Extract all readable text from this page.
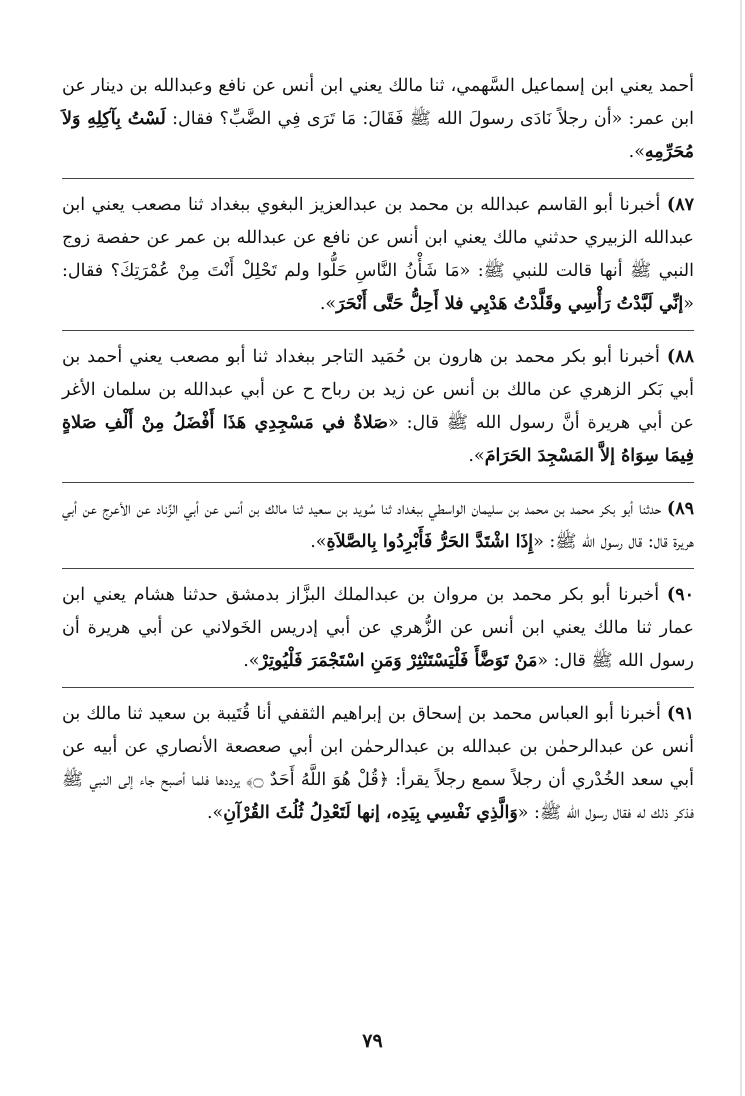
أحمد يعني ابن إسماعيل السَّهمي، ثنا مالك يعني ابن أنس عن نافع وعبدالله بن دينار عن ابن عمر: «أن رجلاً نَادَى رسولَ الله ﷺ فَقَالَ: مَا تَرَى فِي الضَّبِّ؟ فقال: لَسْتُ بِآكِلِهِ وَلاَ مُحَرِّمِهِ».

٨٧) أخبرنا أبو القاسم عبدالله بن محمد بن عبدالعزيز البغوي ببغداد ثنا مصعب يعني ابن عبدالله الزبيري حدثني مالك يعني ابن أنس عن نافع عن عبدالله بن عمر عن حفصة زوج النبي ﷺ أنها قالت للنبي ﷺ: «مَا شَأْنُ النَّاسِ حَلُّوا ولم تَحْلِلْ أَنْتَ مِنْ عُمْرَتِكَ؟ فقال: «إنِّي لَبَّدْتُ رَأْسِي وقَلَّدْتُ هَدْيِي فلا أَحِلُّ حَتَّى أَنْحَرَ».

٨٨) أخبرنا أبو بكر محمد بن هارون بن حُمَيد التاجر ببغداد ثنا أبو مصعب يعني أحمد بن أبي بَكر الزهري عن مالك بن أنس عن زيد بن رباح ح عن أبي عبدالله بن سلمان الأغر عن أبي هريرة أنَّ رسول الله ﷺ قال: «صَلاةٌ في مَسْجِدِي هَذَا أَفْضَلُ مِنْ أَلْفِ صَلاةٍ فِيمَا سِوَاهُ إلاَّ المَسْجِدَ الحَرَامَ».

٨٩) حدثنا أبو بكر محمد بن محمد بن سليمان الواسطي ببغداد ثنا سُويد بن سعيد ثنا مالك بن أنس عن أبي الزِّناد عن الأعرج عن أبي هريرة قال: قال رسول الله ﷺ: «إِذَا اشْتَدَّ الحَرُّ فَأَبْرِدُوا بِالصَّلاَةِ».

٩٠) أخبرنا أبو بكر محمد بن مروان بن عبدالملك البزَّاز بدمشق حدثنا هشام يعني ابن عمار ثنا مالك يعني ابن أنس عن الزُّهري عن أبي إدريس الخَولاني عن أبي هريرة أن رسول الله ﷺ قال: «مَنْ تَوَضَّأَ فَلْيَسْتَنْثِرْ وَمَنِ اسْتَجْمَرَ فَلْيُوتِرْ».

٩١) أخبرنا أبو العباس محمد بن إسحاق بن إبراهيم الثقفي أنا قُتَيبة بن سعيد ثنا مالك بن أنس عن عبدالرحمٰن بن عبدالله بن عبدالرحمٰن ابن أبي صعصعة الأنصاري عن أبيه عن أبي سعد الخُدْري أن رجلاً سمع رجلاً يقرأ: ﴿قُلْ هُوَ اللَّهُ أَحَدٌ ۝﴾ يرددها فلما أصبح جاء إلى النبي ﷺ فذكر ذلك له فقال رسول الله ﷺ: «وَالَّذِي نَفْسِي بِيَدِه، إنها لَتَعْدِلُ ثُلُثَ القُرْآنِ».

٧٩
